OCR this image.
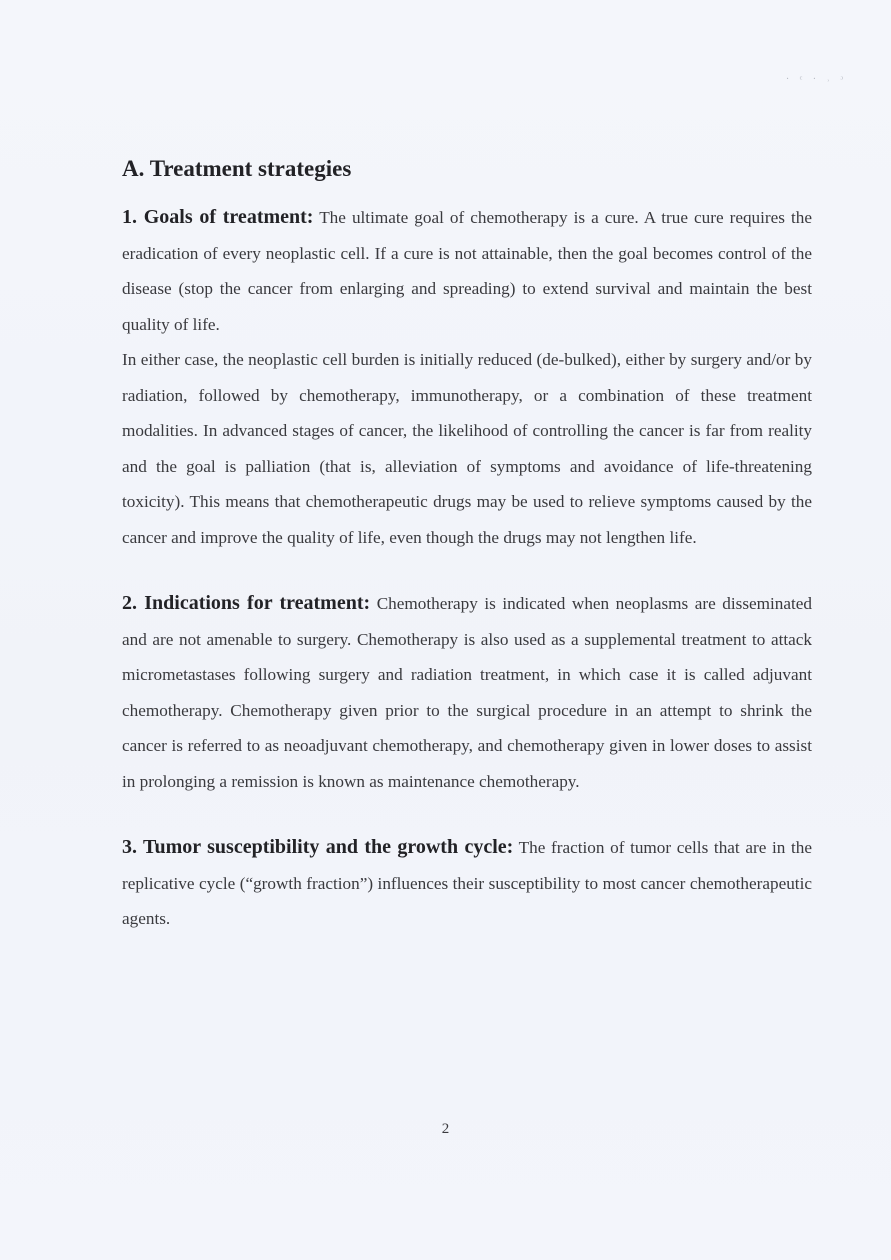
· ᶜ · ˒ ᵓ
A. Treatment strategies

1. Goals of treatment: The ultimate goal of chemotherapy is a cure. A true cure requires the eradication of every neoplastic cell. If a cure is not attainable, then the goal becomes control of the disease (stop the cancer from enlarging and spreading) to extend survival and maintain the best quality of life.

In either case, the neoplastic cell burden is initially reduced (de-bulked), either by surgery and/or by radiation, followed by chemotherapy, immunotherapy, or a combination of these treatment modalities. In advanced stages of cancer, the likelihood of controlling the cancer is far from reality and the goal is palliation (that is, alleviation of symptoms and avoidance of life-threatening toxicity). This means that chemotherapeutic drugs may be used to relieve symptoms caused by the cancer and improve the quality of life, even though the drugs may not lengthen life.

2. Indications for treatment: Chemotherapy is indicated when neoplasms are disseminated and are not amenable to surgery. Chemotherapy is also used as a supplemental treatment to attack micrometastases following surgery and radiation treatment, in which case it is called adjuvant chemotherapy. Chemotherapy given prior to the surgical procedure in an attempt to shrink the cancer is referred to as neoadjuvant chemotherapy, and chemotherapy given in lower doses to assist in prolonging a remission is known as maintenance chemotherapy.

3. Tumor susceptibility and the growth cycle: The fraction of tumor cells that are in the replicative cycle (“growth fraction”) influences their susceptibility to most cancer chemotherapeutic agents.

2
